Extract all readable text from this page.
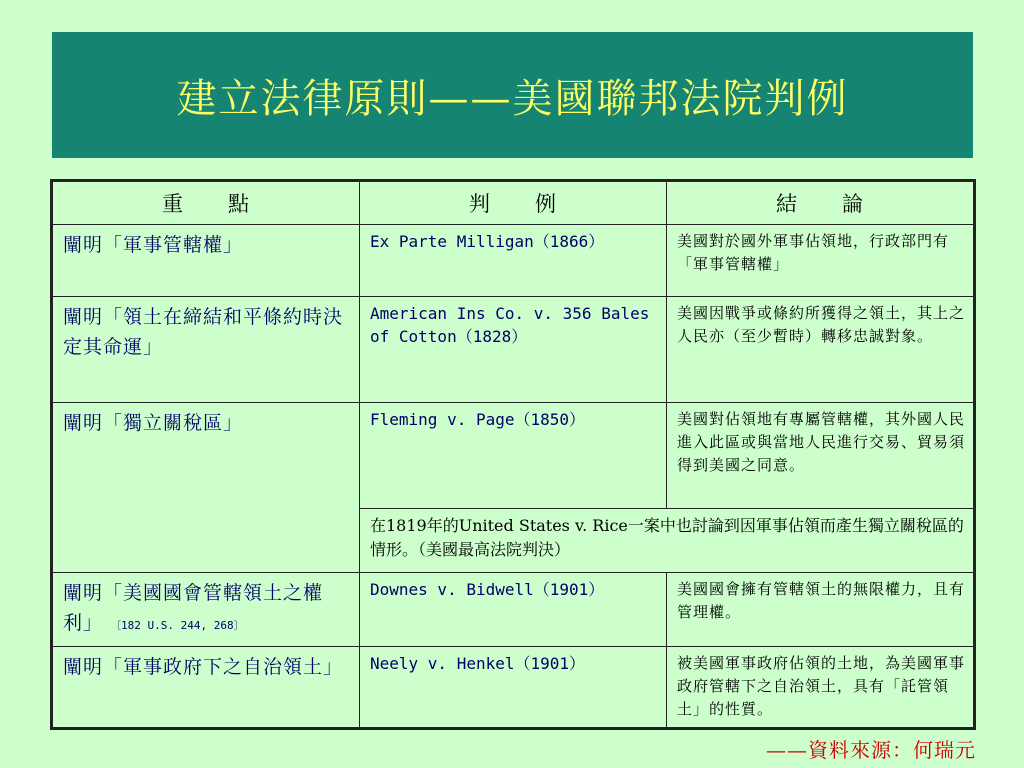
建立法律原則——美國聯邦法院判例
重　　點	判　　例	結　　論

闡明「軍事管轄權」	Ex Parte Milligan（1866）	美國對於國外軍事佔領地，行政部門有「軍事管轄權」

闡明「領土在締結和平條約時決定其命運」	American Ins Co. v. 356 Bales of Cotton（1828）	美國因戰爭或條約所獲得之領土，其上之人民亦（至少暫時）轉移忠誠對象。

闡明「獨立關稅區」	Fleming v. Page（1850）	美國對佔領地有專屬管轄權，其外國人民進入此區或與當地人民進行交易、貿易須得到美國之同意。

	在1819年的United States v. Rice一案中也討論到因軍事佔領而產生獨立關稅區的情形。（美國最高法院判決）	

闡明「美國國會管轄領土之權利」 〔182 U.S. 244, 268〕	Downes v. Bidwell（1901）	美國國會擁有管轄領土的無限權力，且有管理權。

闡明「軍事政府下之自治領土」	Neely v. Henkel（1901）	被美國軍事政府佔領的土地，為美國軍事政府管轄下之自治領土，具有「託管領土」的性質。
——資料來源：何瑞元
